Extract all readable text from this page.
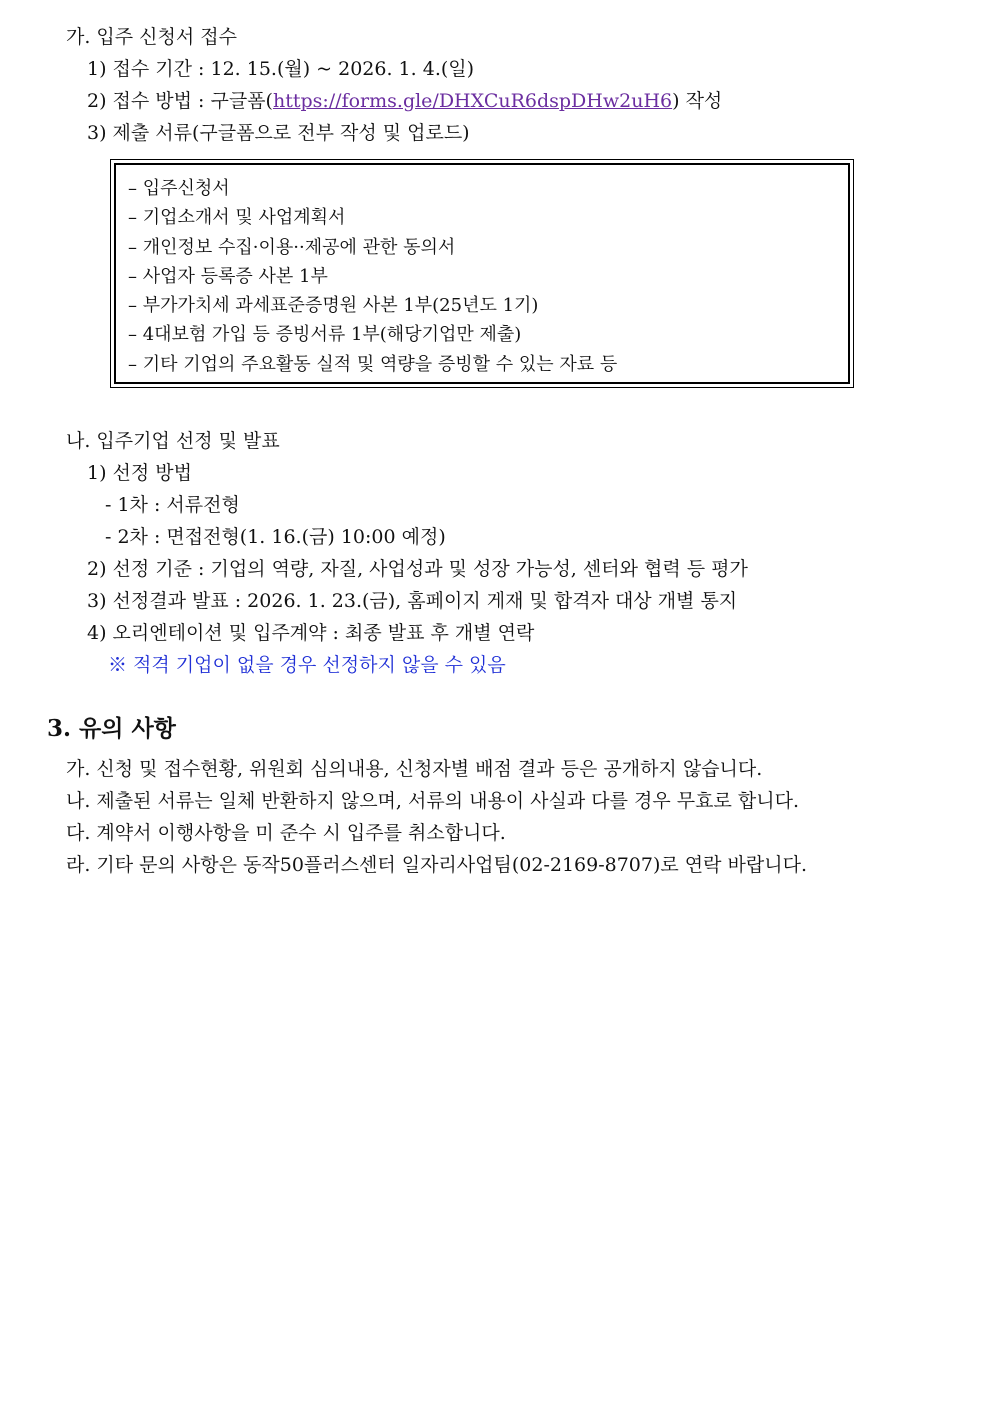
가. 입주 신청서 접수
1) 접수 기간 : 12. 15.(월) ~ 2026. 1. 4.(일)
2) 접수 방법 : 구글폼(https://forms.gle/DHXCuR6dspDHw2uH6) 작성
3) 제출 서류(구글폼으로 전부 작성 및 업로드)
– 입주신청서
– 기업소개서 및 사업계획서
– 개인정보 수집·이용··제공에 관한 동의서
– 사업자 등록증 사본 1부
– 부가가치세 과세표준증명원 사본 1부(25년도 1기)
– 4대보험 가입 등 증빙서류 1부(해당기업만 제출)
– 기타 기업의 주요활동 실적 및 역량을 증빙할 수 있는 자료 등
나. 입주기업 선정 및 발표
1) 선정 방법
- 1차 : 서류전형
- 2차 : 면접전형(1. 16.(금) 10:00 예정)
2) 선정 기준 : 기업의 역량, 자질, 사업성과 및 성장 가능성, 센터와 협력 등 평가
3) 선정결과 발표 : 2026. 1. 23.(금), 홈페이지 게재 및 합격자 대상 개별 통지
4) 오리엔테이션 및 입주계약 : 최종 발표 후 개별 연락
※ 적격 기업이 없을 경우 선정하지 않을 수 있음
3. 유의 사항
가. 신청 및 접수현황, 위원회 심의내용, 신청자별 배점 결과 등은 공개하지 않습니다.
나. 제출된 서류는 일체 반환하지 않으며, 서류의 내용이 사실과 다를 경우 무효로 합니다.
다. 계약서 이행사항을 미 준수 시 입주를 취소합니다.
라. 기타 문의 사항은 동작50플러스센터 일자리사업팀(02-2169-8707)로 연락 바랍니다.
